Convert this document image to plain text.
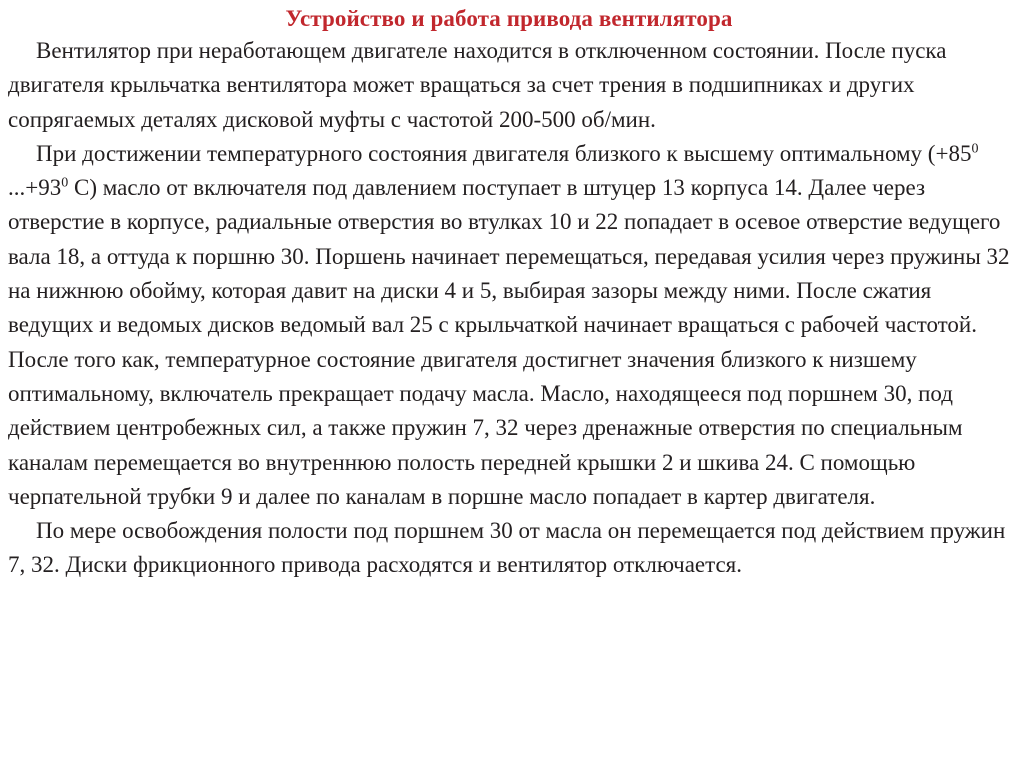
Устройство и работа привода вентилятора

Вентилятор при неработающем двигателе находится в отключенном состоянии. После пуска двигателя крыльчатка вентилятора может вращаться за счет трения в подшипниках и других сопрягаемых деталях дисковой муфты с частотой 200-500 об/мин.

При достижении температурного состояния двигателя близкого к высшему оптимальному ($+85^0$ $...+93^0$ С) масло от включателя под давлением поступает в штуцер 13 корпуса 14. Далее через отверстие в корпусе, радиальные отверстия во втулках 10 и 22 попадает в осевое отверстие ведущего вала 18, а оттуда к поршню 30. Поршень начинает перемещаться, передавая усилия через пружины 32 на нижнюю обойму, которая давит на диски 4 и 5, выбирая зазоры между ними. После сжатия ведущих и ведомых дисков ведомый вал 25 с крыльчаткой начинает вращаться с рабочей частотой. После того как, температурное состояние двигателя достигнет значения близкого к низшему оптимальному, включатель прекращает подачу масла. Масло, находящееся под поршнем 30, под действием центробежных сил, а также пружин 7, 32 через дренажные отверстия по специальным каналам перемещается во внутреннюю полость передней крышки 2 и шкива 24. С помощью черпательной трубки 9 и далее по каналам в поршне масло попадает в картер двигателя.

По мере освобождения полости под поршнем 30 от масла он перемещается под действием пружин 7, 32. Диски фрикционного привода расходятся и вентилятор отключается.
